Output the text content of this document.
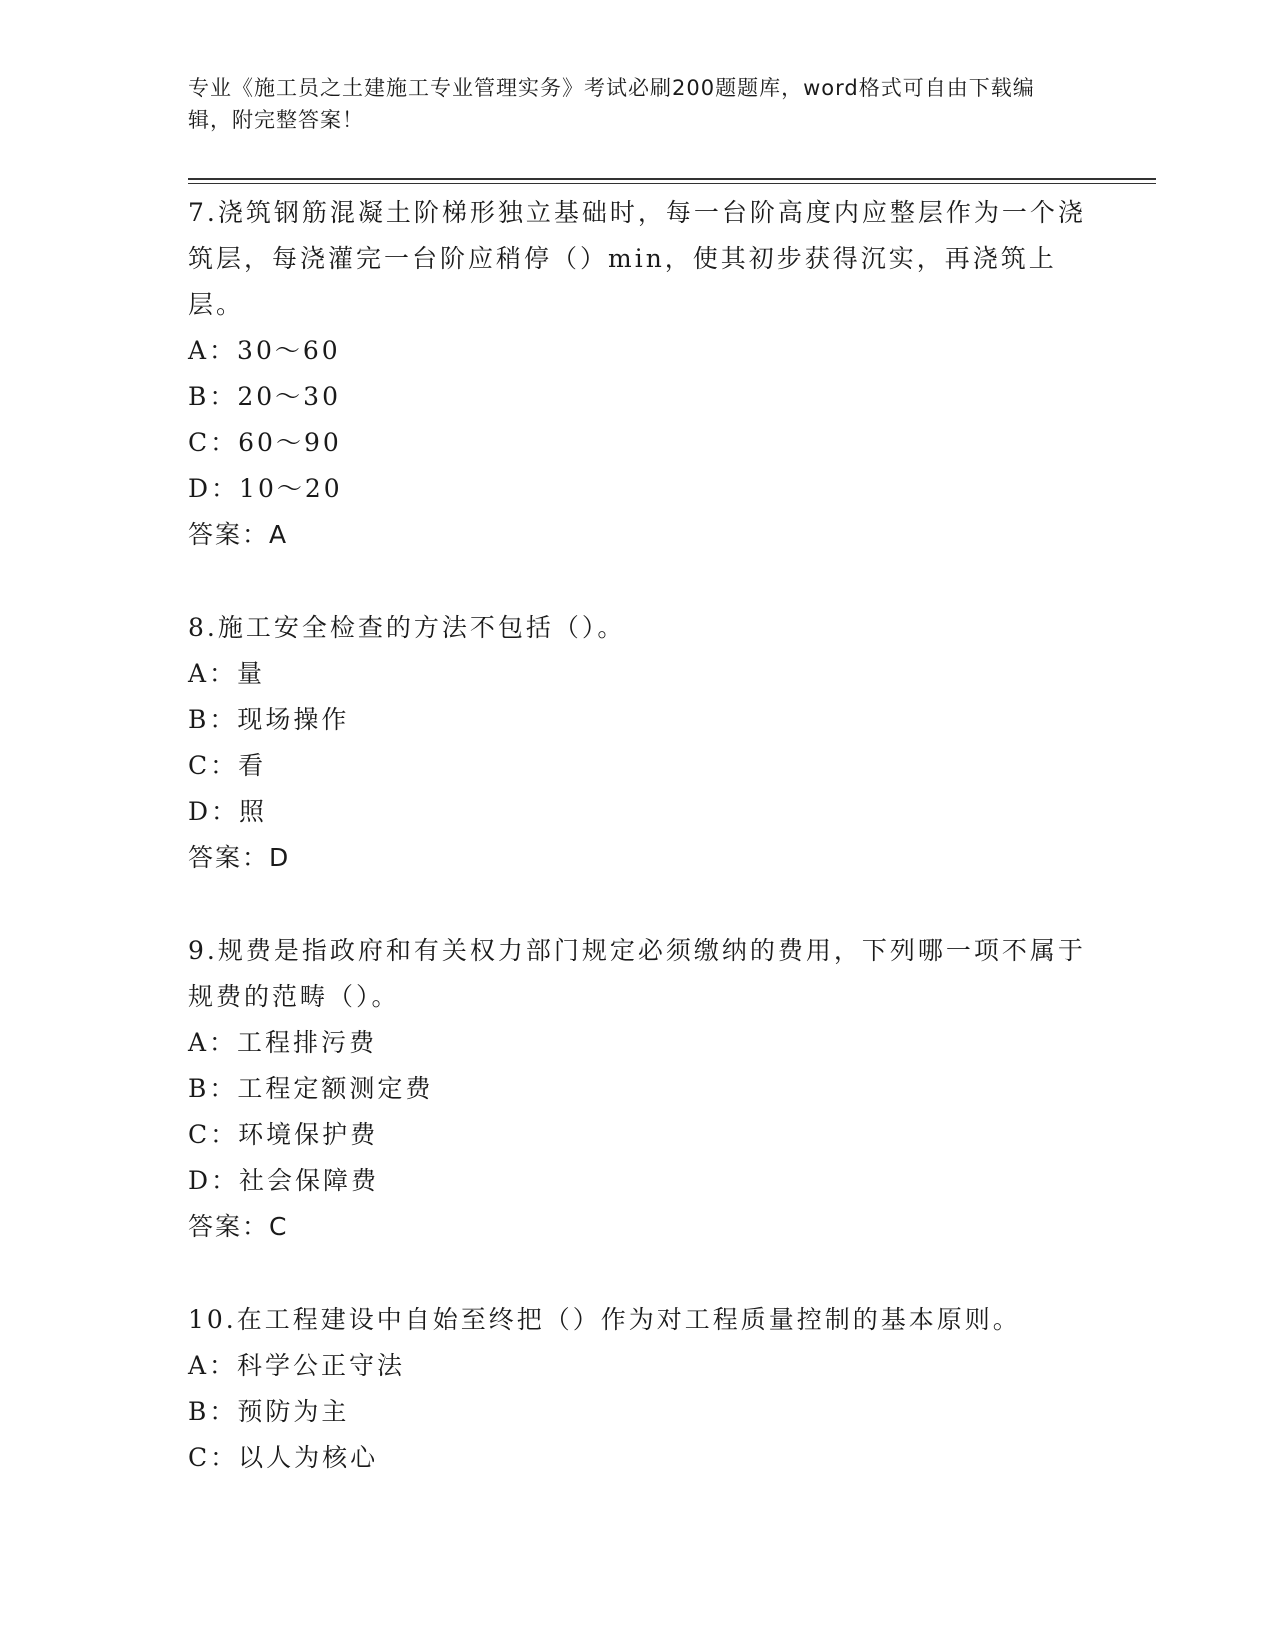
专业《施工员之土建施工专业管理实务》考试必刷200题题库，word格式可自由下载编辑，附完整答案！

7.浇筑钢筋混凝土阶梯形独立基础时，每一台阶高度内应整层作为一个浇筑层，每浇灌完一台阶应稍停（）min，使其初步获得沉实，再浇筑上层。

A：30～60

B：20～30

C：60～90

D：10～20

答案：A

8.施工安全检查的方法不包括（）。

A：量

B：现场操作

C：看

D：照

答案：D

9.规费是指政府和有关权力部门规定必须缴纳的费用，下列哪一项不属于规费的范畴（）。

A：工程排污费

B：工程定额测定费

C：环境保护费

D：社会保障费

答案：C

10.在工程建设中自始至终把（）作为对工程质量控制的基本原则。

A：科学公正守法

B：预防为主

C：以人为核心
